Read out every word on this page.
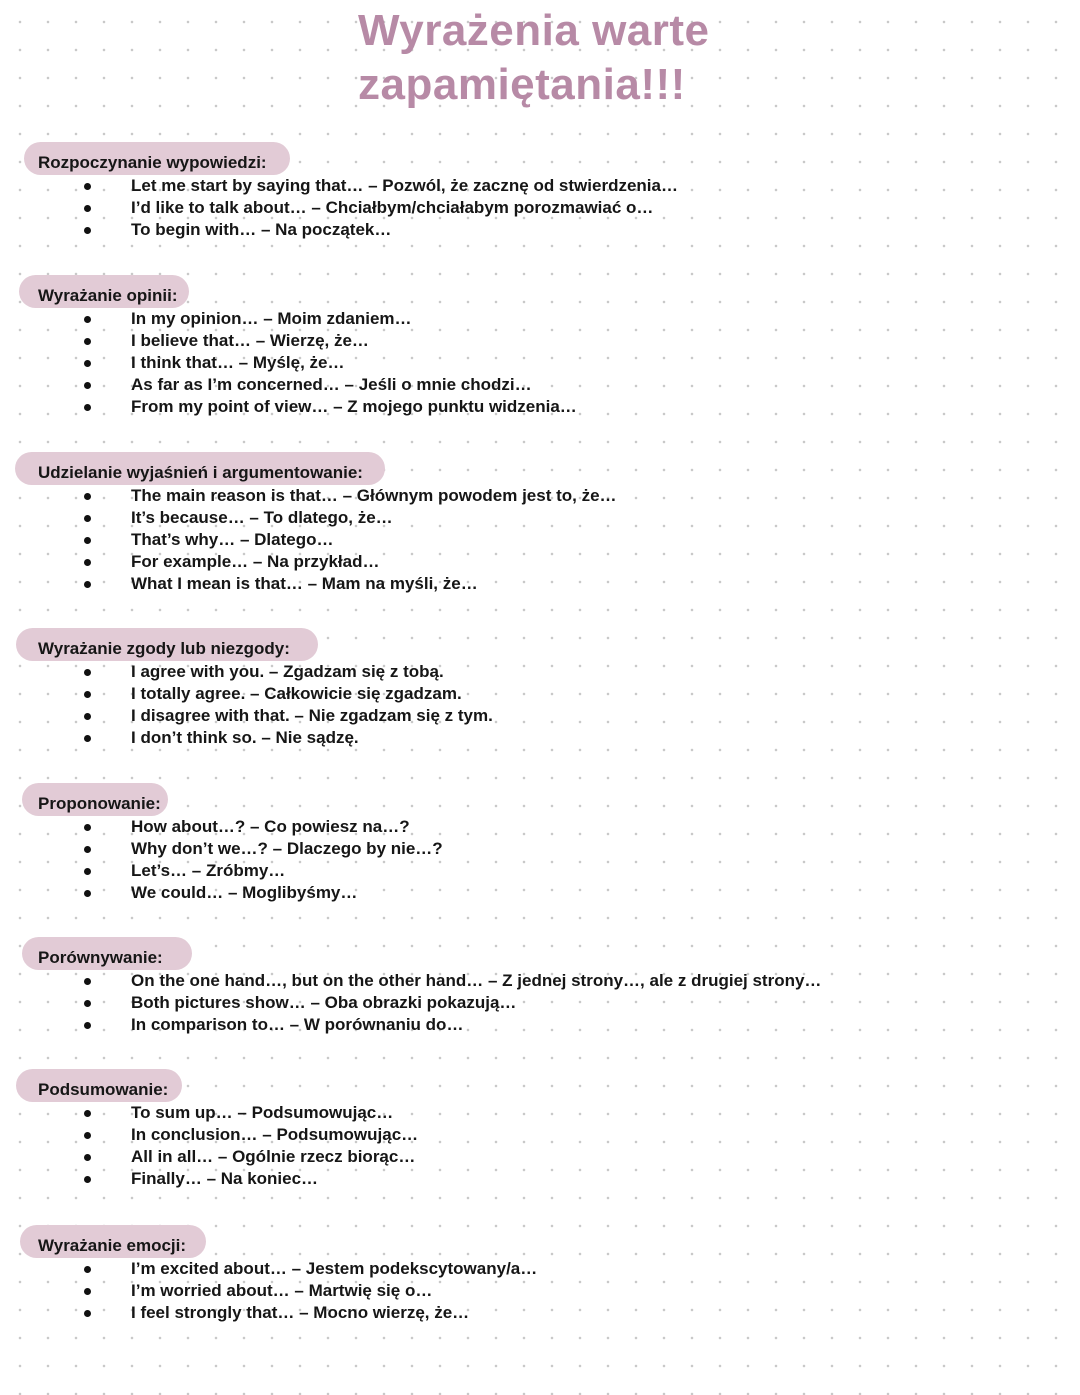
Wyrażenia warte
zapamiętania!!!
Rozpoczynanie wypowiedzi:
Let me start by saying that… – Pozwól, że zacznę od stwierdzenia…
I’d like to talk about… – Chciałbym/chciałabym porozmawiać o…
To begin with… – Na początek…
Wyrażanie opinii:
In my opinion… – Moim zdaniem…
I believe that… – Wierzę, że…
I think that… – Myślę, że…
As far as I’m concerned… – Jeśli o mnie chodzi…
From my point of view… – Z mojego punktu widzenia…
Udzielanie wyjaśnień i argumentowanie:
The main reason is that… – Głównym powodem jest to, że…
It’s because… – To dlatego, że…
That’s why… – Dlatego…
For example… – Na przykład…
What I mean is that… – Mam na myśli, że…
Wyrażanie zgody lub niezgody:
I agree with you. – Zgadzam się z tobą.
I totally agree. – Całkowicie się zgadzam.
I disagree with that. – Nie zgadzam się z tym.
I don’t think so. – Nie sądzę.
Proponowanie:
How about…? – Co powiesz na…?
Why don’t we…? – Dlaczego by nie…?
Let’s… – Zróbmy…
We could… – Moglibyśmy…
Porównywanie:
On the one hand…, but on the other hand… – Z jednej strony…, ale z drugiej strony…
Both pictures show… – Oba obrazki pokazują…
In comparison to… – W porównaniu do…
Podsumowanie:
To sum up… – Podsumowując…
In conclusion… – Podsumowując…
All in all… – Ogólnie rzecz biorąc…
Finally… – Na koniec…
Wyrażanie emocji:
I’m excited about… – Jestem podekscytowany/a…
I’m worried about… – Martwię się o…
I feel strongly that… – Mocno wierzę, że…
